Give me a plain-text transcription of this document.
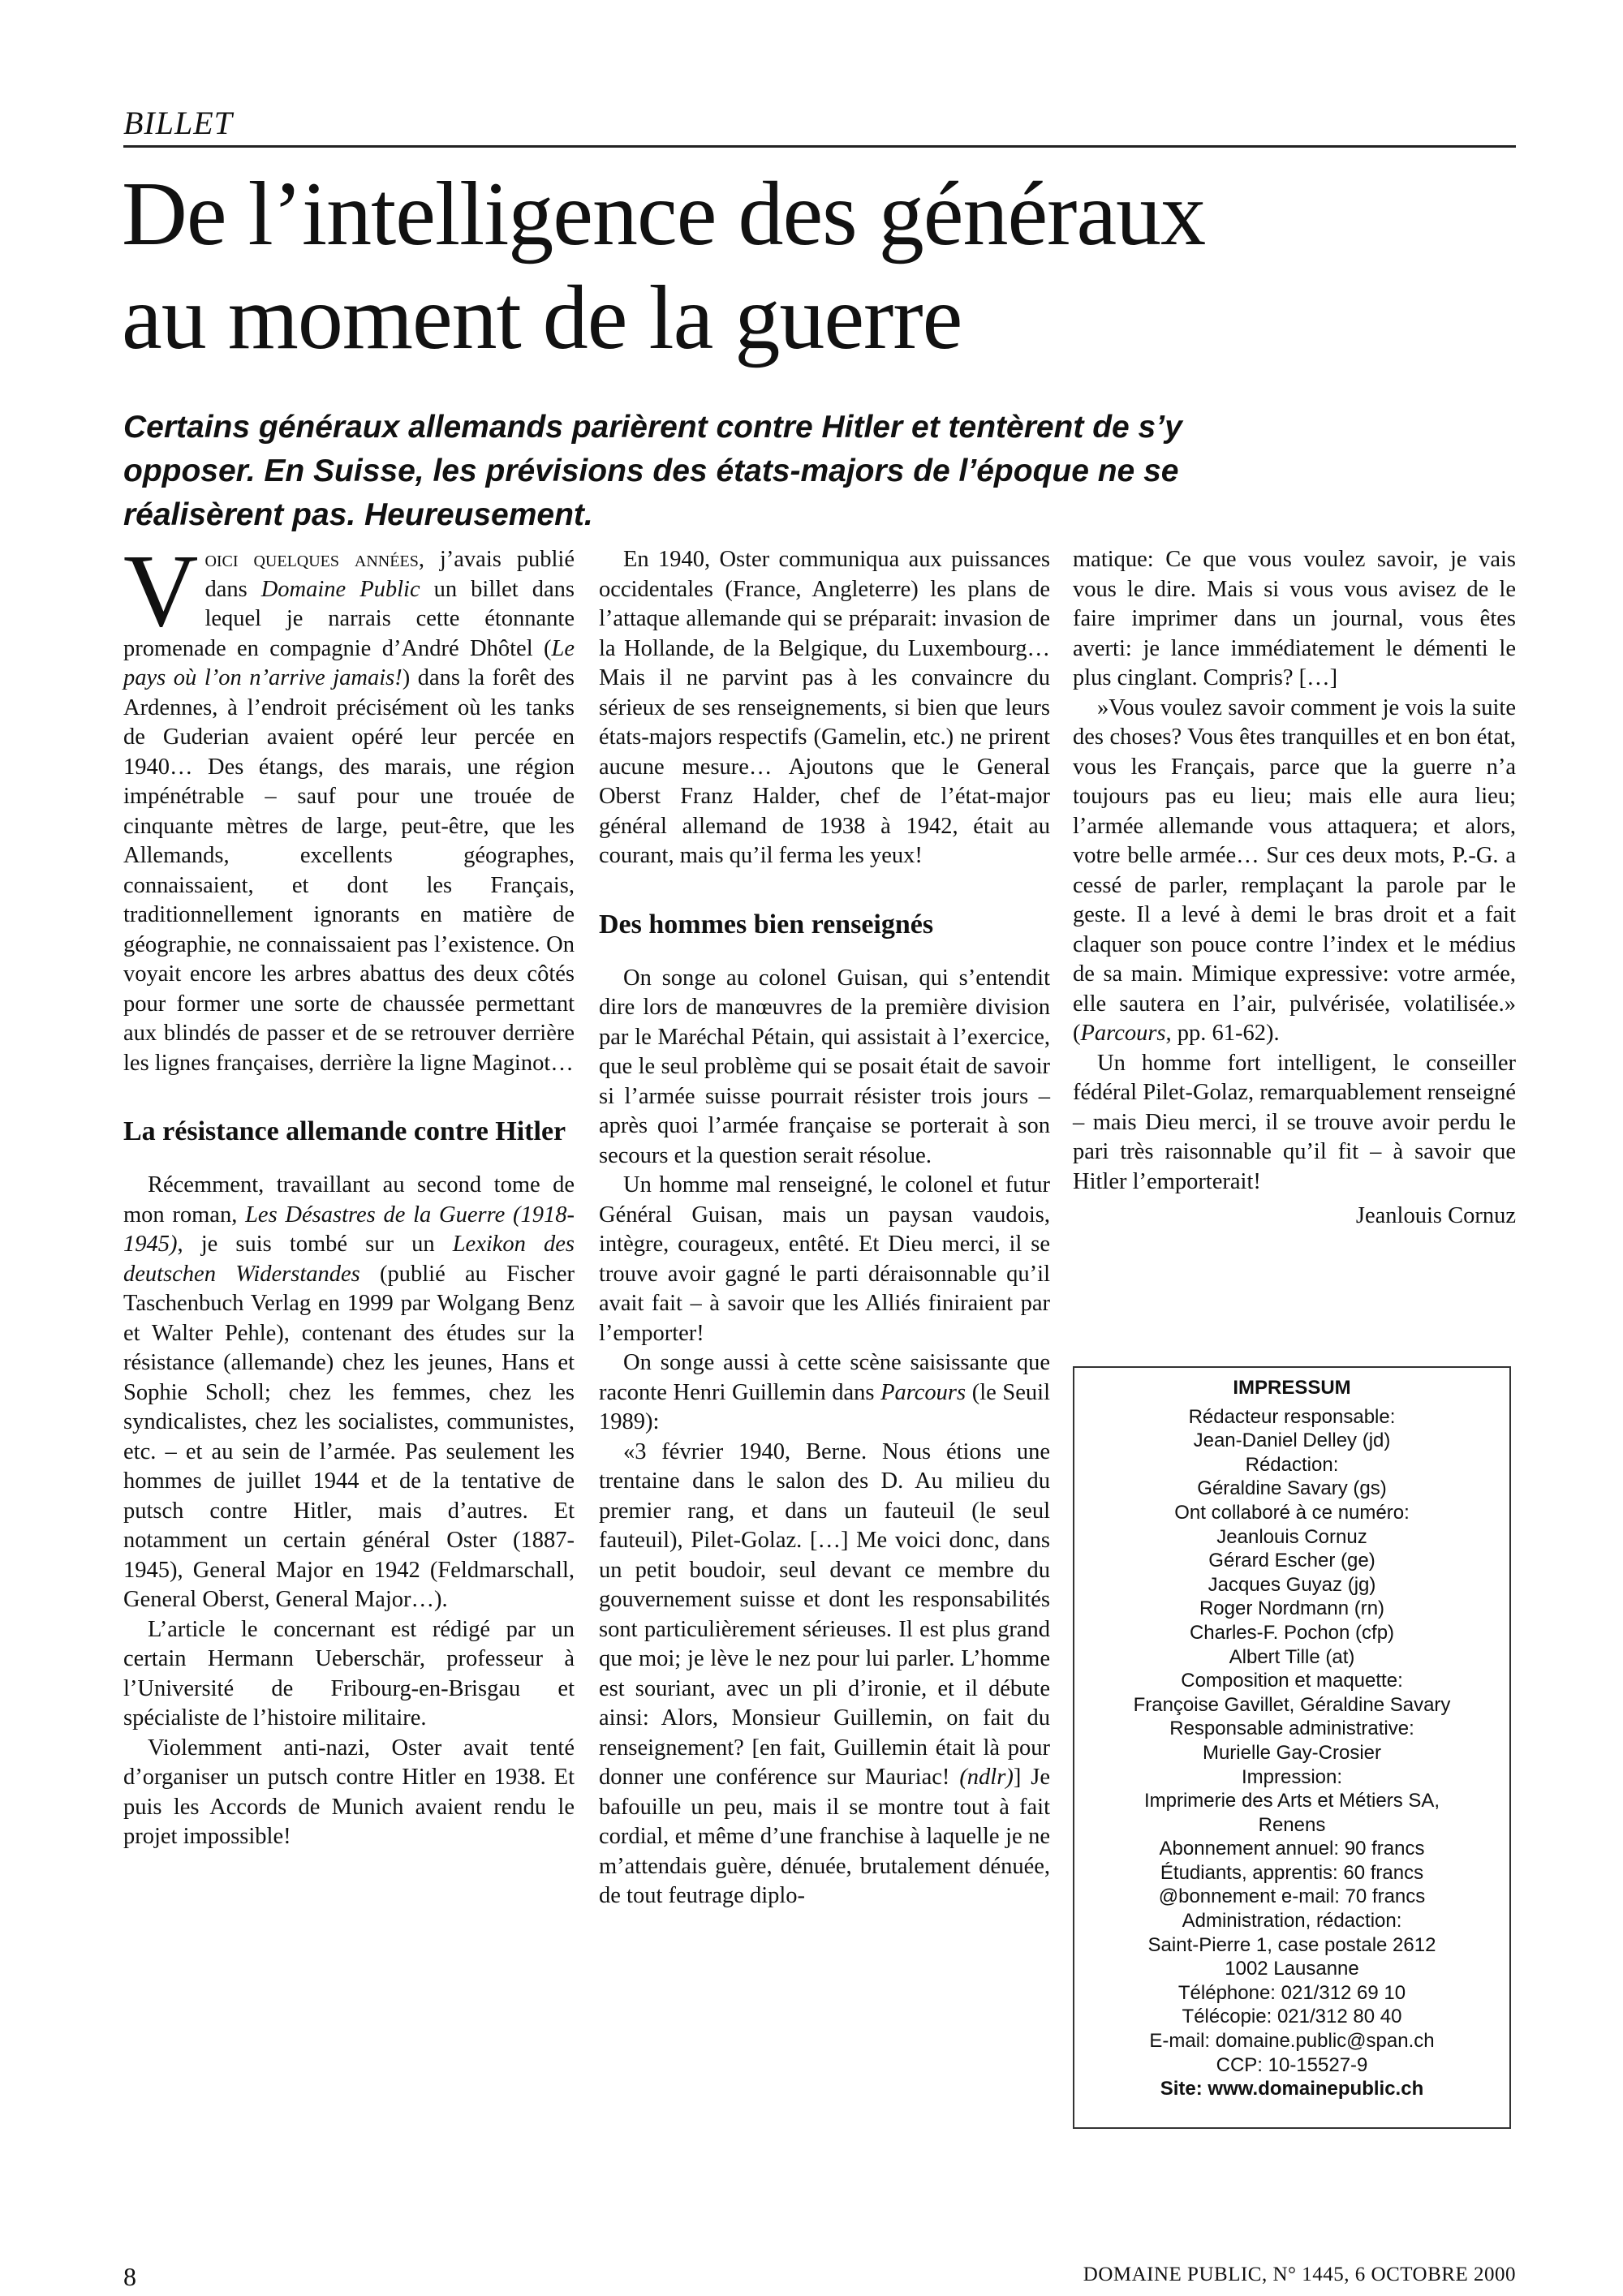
BILLET
De l’intelligence des généraux
au moment de la guerre

Certains généraux allemands parièrent contre Hitler et tentèrent de s’y opposer. En Suisse, les prévisions des états-majors de l’époque ne se réalisèrent pas. Heureusement.

Voici quelques années, j’avais publié dans Domaine Public un billet dans lequel je narrais cette étonnante promenade en compagnie d’André Dhôtel (Le pays où l’on n’arrive jamais!) dans la forêt des Ardennes, à l’endroit précisément où les tanks de Guderian avaient opéré leur percée en 1940… Des étangs, des marais, une région impénétrable – sauf pour une trouée de cinquante mètres de large, peut-être, que les Allemands, excellents géographes, connaissaient, et dont les Français, traditionnellement ignorants en matière de géographie, ne connaissaient pas l’existence. On voyait encore les arbres abattus des deux côtés pour former une sorte de chaussée permettant aux blindés de passer et de se retrouver derrière les lignes françaises, derrière la ligne Maginot…

La résistance allemande contre Hitler

Récemment, travaillant au second tome de mon roman, Les Désastres de la Guerre (1918-1945), je suis tombé sur un Lexikon des deutschen Widerstandes (publié au Fischer Taschenbuch Verlag en 1999 par Wolgang Benz et Walter Pehle), contenant des études sur la résistance (allemande) chez les jeunes, Hans et Sophie Scholl; chez les femmes, chez les syndicalistes, chez les socialistes, communistes, etc. – et au sein de l’armée. Pas seulement les hommes de juillet 1944 et de la tentative de putsch contre Hitler, mais d’autres. Et notamment un certain général Oster (1887-1945), General Major en 1942 (Feldmarschall, General Oberst, General Major…).

L’article le concernant est rédigé par un certain Hermann Ueberschär, professeur à l’Université de Fribourg-en-Brisgau et spécialiste de l’histoire militaire.

Violemment anti-nazi, Oster avait tenté d’organiser un putsch contre Hitler en 1938. Et puis les Accords de Munich avaient rendu le projet impossible!

En 1940, Oster communiqua aux puissances occidentales (France, Angleterre) les plans de l’attaque allemande qui se préparait: invasion de la Hollande, de la Belgique, du Luxembourg… Mais il ne parvint pas à les convaincre du sérieux de ses renseignements, si bien que leurs états-majors respectifs (Gamelin, etc.) ne prirent aucune mesure… Ajoutons que le General Oberst Franz Halder, chef de l’état-major général allemand de 1938 à 1942, était au courant, mais qu’il ferma les yeux!

Des hommes bien renseignés

On songe au colonel Guisan, qui s’entendit dire lors de manœuvres de la première division par le Maréchal Pétain, qui assistait à l’exercice, que le seul problème qui se posait était de savoir si l’armée suisse pourrait résister trois jours – après quoi l’armée française se porterait à son secours et la question serait résolue.

Un homme mal renseigné, le colonel et futur Général Guisan, mais un paysan vaudois, intègre, courageux, entêté. Et Dieu merci, il se trouve avoir gagné le parti déraisonnable qu’il avait fait – à savoir que les Alliés finiraient par l’emporter!

On songe aussi à cette scène saisissante que raconte Henri Guillemin dans Parcours (le Seuil 1989):

«3 février 1940, Berne. Nous étions une trentaine dans le salon des D. Au milieu du premier rang, et dans un fauteuil (le seul fauteuil), Pilet-Golaz. […] Me voici donc, dans un petit boudoir, seul devant ce membre du gouvernement suisse et dont les responsabilités sont particulièrement sérieuses. Il est plus grand que moi; je lève le nez pour lui parler. L’homme est souriant, avec un pli d’ironie, et il débute ainsi: Alors, Monsieur Guillemin, on fait du renseignement? [en fait, Guillemin était là pour donner une conférence sur Mauriac! (ndlr)] Je bafouille un peu, mais il se montre tout à fait cordial, et même d’une franchise à laquelle je ne m’attendais guère, dénuée, brutalement dénuée, de tout feutrage diplo-

matique: Ce que vous voulez savoir, je vais vous le dire. Mais si vous vous avisez de le faire imprimer dans un journal, vous êtes averti: je lance immédiatement le démenti le plus cinglant. Compris? […]

»Vous voulez savoir comment je vois la suite des choses? Vous êtes tranquilles et en bon état, vous les Français, parce que la guerre n’a toujours pas eu lieu; mais elle aura lieu; l’armée allemande vous attaquera; et alors, votre belle armée… Sur ces deux mots, P.-G. a cessé de parler, remplaçant la parole par le geste. Il a levé à demi le bras droit et a fait claquer son pouce contre l’index et le médius de sa main. Mimique expressive: votre armée, elle sautera en l’air, pulvérisée, volatilisée.» (Parcours, pp. 61-62).

Un homme fort intelligent, le conseiller fédéral Pilet-Golaz, remarquablement renseigné – mais Dieu merci, il se trouve avoir perdu le pari très raisonnable qu’il fit – à savoir que Hitler l’emporterait!

Jeanlouis Cornuz
IMPRESSUM
Rédacteur responsable:
Jean-Daniel Delley (jd)
Rédaction:
Géraldine Savary (gs)
Ont collaboré à ce numéro:
Jeanlouis Cornuz
Gérard Escher (ge)
Jacques Guyaz (jg)
Roger Nordmann (rn)
Charles-F. Pochon (cfp)
Albert Tille (at)
Composition et maquette:
Françoise Gavillet, Géraldine Savary
Responsable administrative:
Murielle Gay-Crosier
Impression:
Imprimerie des Arts et Métiers SA,
Renens
Abonnement annuel: 90 francs
Étudiants, apprentis: 60 francs
@bonnement e-mail: 70 francs
Administration, rédaction:
Saint-Pierre 1, case postale 2612
1002 Lausanne
Téléphone: 021/312 69 10
Télécopie: 021/312 80 40
E-mail: domaine.public@span.ch
CCP: 10-15527-9
Site: www.domainepublic.ch
8	DOMAINE PUBLIC, N° 1445, 6 OCTOBRE 2000
